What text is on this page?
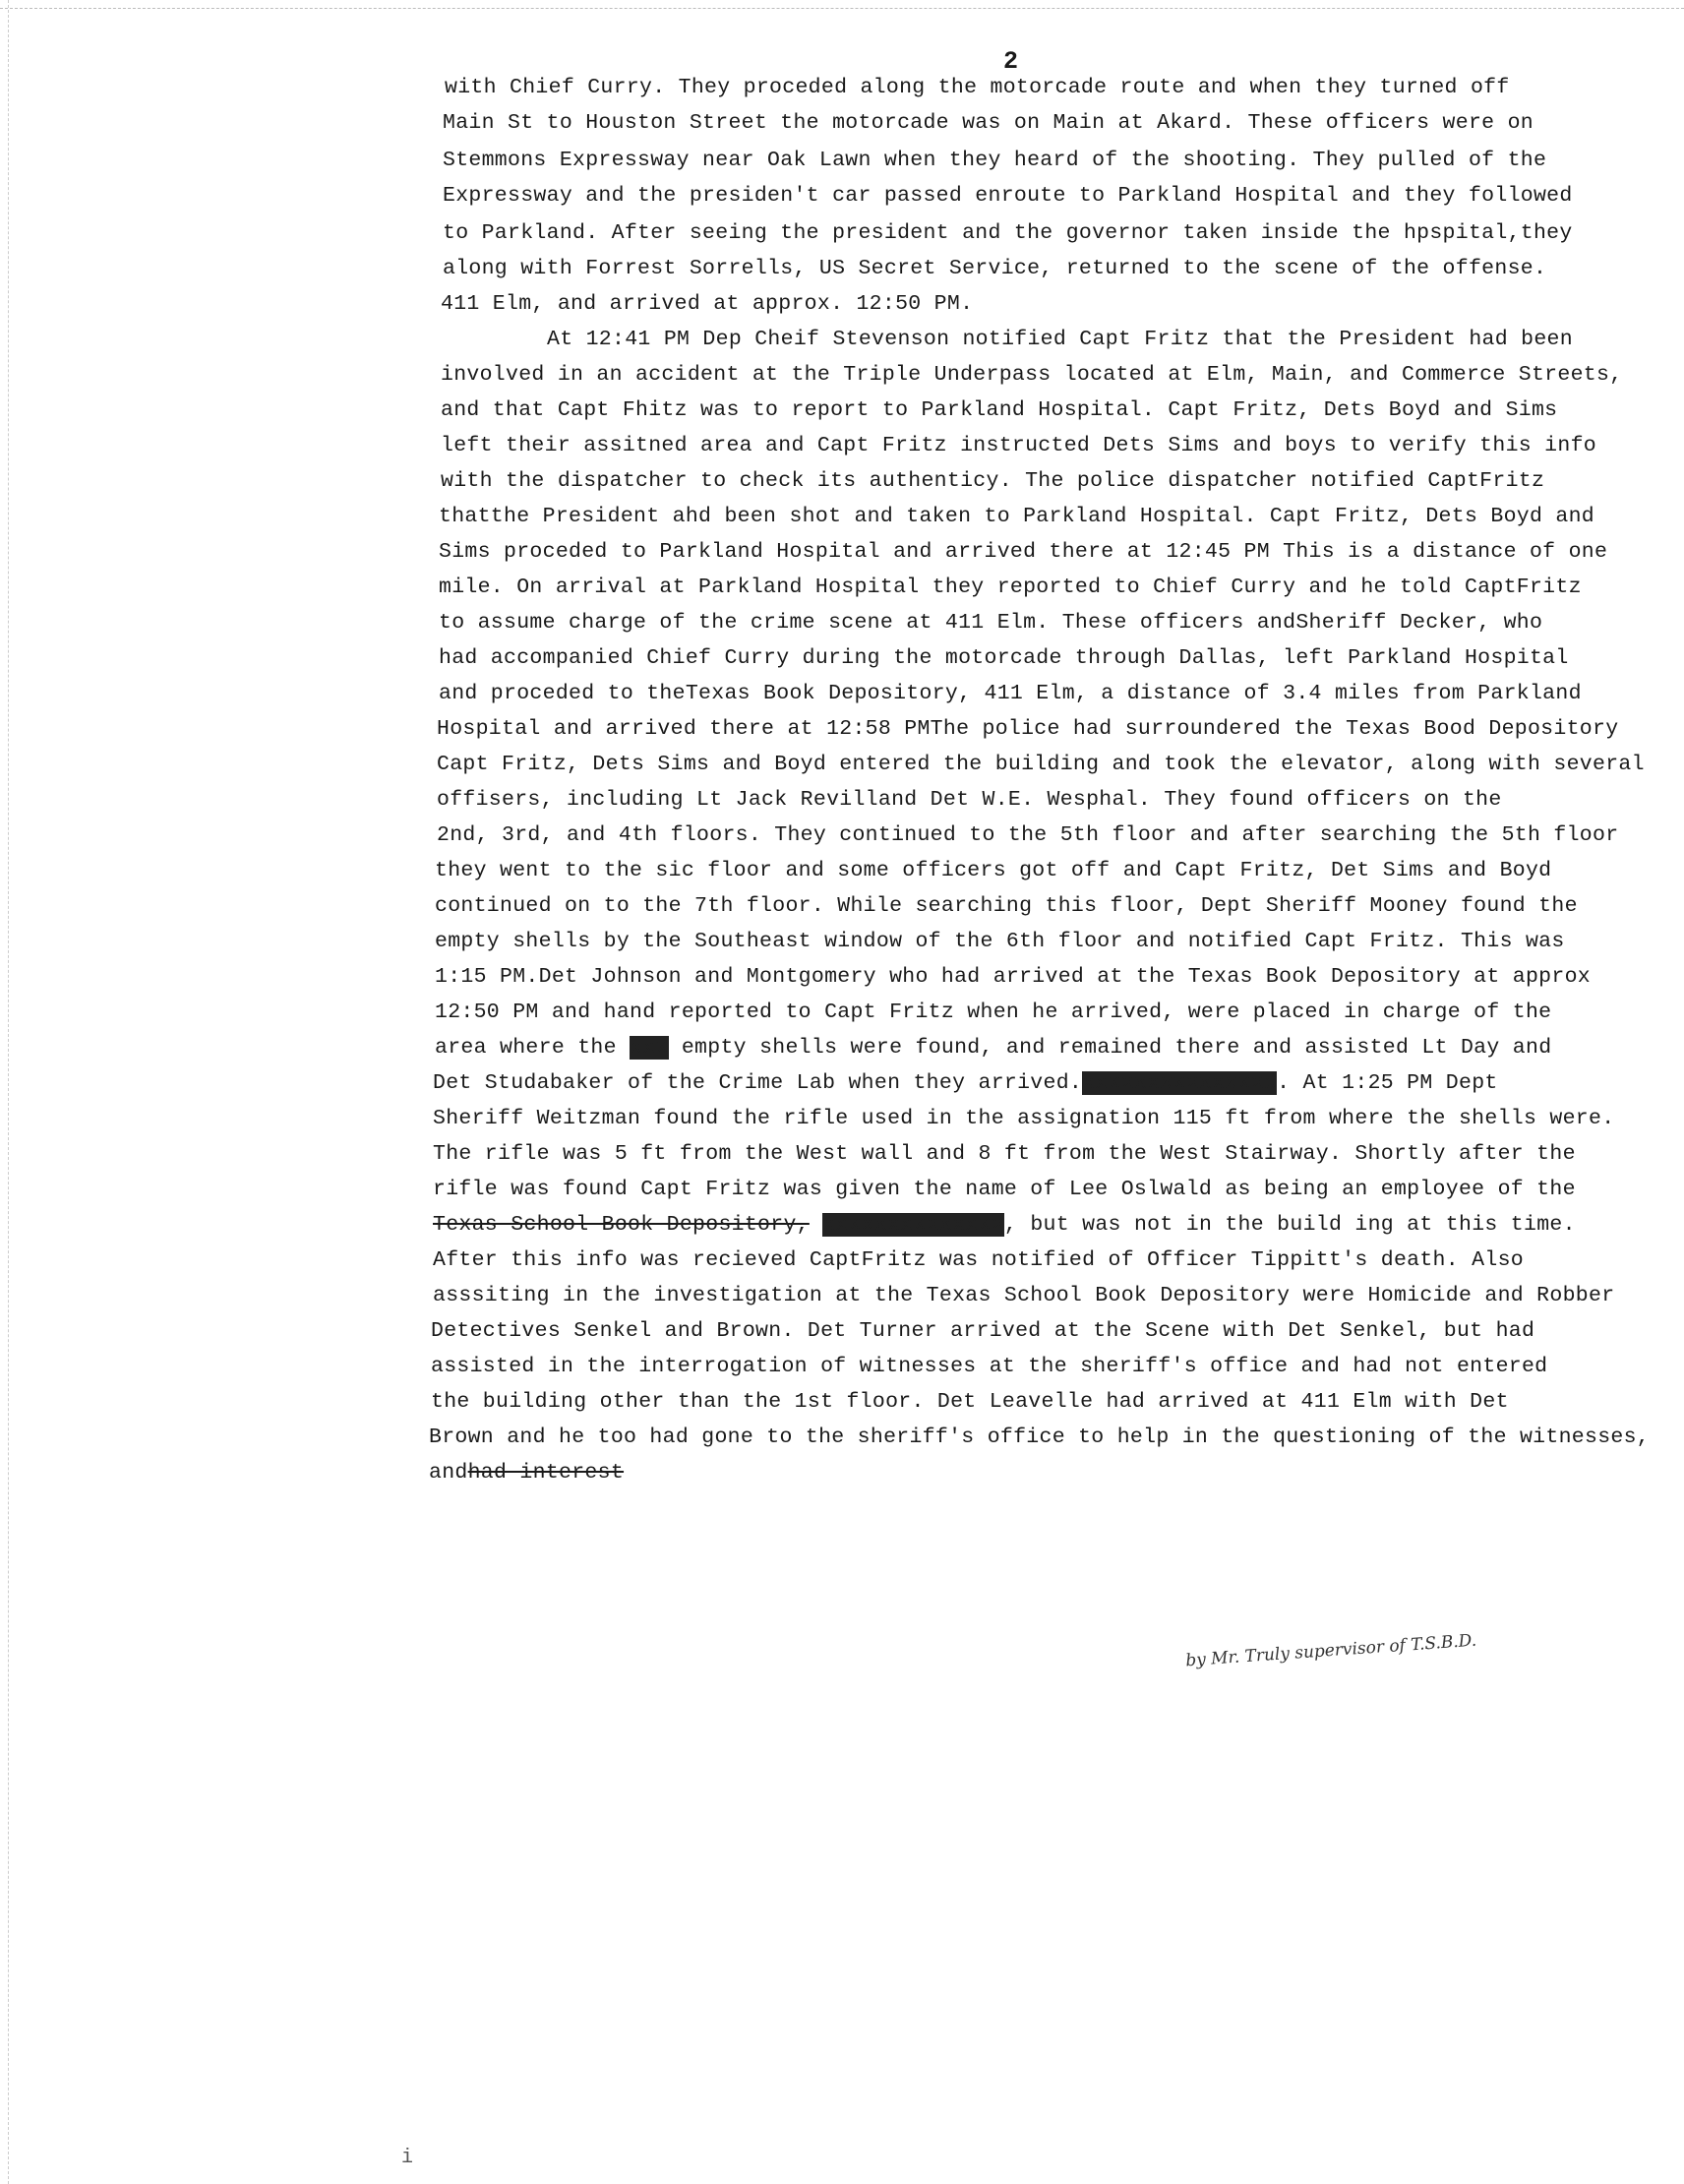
2
with Chief Curry. They proceded along the motorcade route and when they turned off
Main St to Houston Street the motorcade was on Main at Akard. These officers were on
Stemmons Expressway near Oak Lawn when they heard of the shooting. They pulled of the
Expressway and the presiden't car passed enroute to Parkland Hospital and they followed
to Parkland. After seeing the president and the governor taken inside the hpspital,they
along with Forrest Sorrells, US Secret Service, returned to the scene of the offense.
411 Elm, and arrived at approx. 12:50 PM.
At 12:41 PM Dep Cheif Stevenson notified Capt Fritz that the President had been
involved in an accident at the Triple Underpass located at Elm, Main, and Commerce Streets,
and that Capt Fhitz was to report to Parkland Hospital. Capt Fritz, Dets Boyd and Sims
left their assitned area and Capt Fritz instructed Dets Sims and boys to verify this info
with the dispatcher to check its authenticy. The police dispatcher notified CaptFritz
thatthe President ahd been shot and taken to Parkland Hospital. Capt Fritz, Dets Boyd and
Sims proceded to Parkland Hospital and arrived there at 12:45 PM This is a distance of one
mile. On arrival at Parkland Hospital they reported to Chief Curry and he told CaptFritz
to assume charge of the crime scene at 411 Elm. These officers andSheriff Decker, who
had accompanied Chief Curry during the motorcade through Dallas, left Parkland Hospital
and proceded to theTexas Book Depository, 411 Elm, a distance of 3.4 miles from Parkland
Hospital and arrived there at 12:58 PMThe police had surroundered the Texas Bood Depository
Capt Fritz, Dets Sims and Boyd entered the building and took the elevator, along with several
offisers, including Lt Jack Revilland Det W.E. Wesphal. They found officers on the
2nd, 3rd, and 4th floors. They continued to the 5th floor and after searching the 5th floor
they went to the sic floor and some officers got off and Capt Fritz, Det Sims and Boyd
continued on to the 7th floor. While searching this floor, Dept Sheriff Mooney found the
empty shells by the Southeast window of the 6th floor and notified Capt Fritz. This was
1:15 PM.Det Johnson and Montgomery who had arrived at the Texas Book Depository at approx
12:50 PM and hand reported to Capt Fritz when he arrived, were placed in charge of the
area where the xxx empty shells were found, and remained there and assisted Lt Day and
Det Studabaker of the Crime Lab when they arrived.xxxxxxxxxxxxxxx. At 1:25 PM Dept
Sheriff Weitzman found the rifle used in the assignation 115 ft from where the shells were.
The rifle was 5 ft from the West wall and 8 ft from the West Stairway. Shortly after the
rifle was found Capt Fritz was given the name of Lee Oslwald as being an employee of the
Texas School Book Depository, xxxxxxxxxxxxxx, but was not in the build ing at this time.
After this info was recieved CaptFritz was notified of Officer Tippitt's death. Also
asssiting in the investigation at the Texas School Book Depository were Homicide and Robber
Detectives Senkel and Brown. Det Turner arrived at the Scene with Det Senkel, but had
assisted in the interrogation of witnesses at the sheriff's office and had not entered
the building other than the 1st floor. Det Leavelle had arrived at 411 Elm with Det
Brown and he too had gone to the sheriff's office to help in the questioning of the witnesses,
andhad interest
by Mr. Truly supervisor of T.S.B.D.
i
